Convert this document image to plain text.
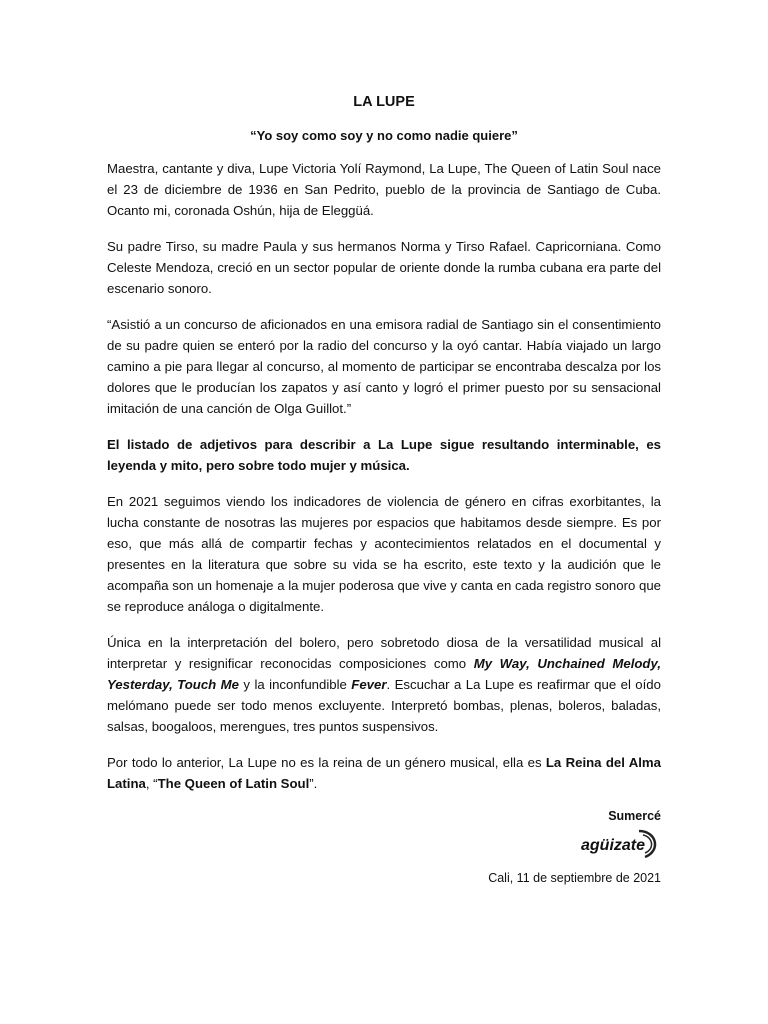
LA LUPE
“Yo soy como soy y no como nadie quiere”

Maestra, cantante y diva, Lupe Victoria Yolí Raymond, La Lupe, The Queen of Latin Soul nace el 23 de diciembre de 1936 en San Pedrito, pueblo de la provincia de Santiago de Cuba. Ocanto mi, coronada Oshún, hija de Eleggüá.

Su padre Tirso, su madre Paula y sus hermanos Norma y Tirso Rafael. Capricorniana. Como Celeste Mendoza, creció en un sector popular de oriente donde la rumba cubana era parte del escenario sonoro.

“Asistió a un concurso de aficionados en una emisora radial de Santiago sin el consentimiento de su padre quien se enteró por la radio del concurso y la oyó cantar. Había viajado un largo camino a pie para llegar al concurso, al momento de participar se encontraba descalza por los dolores que le producían los zapatos y así canto y logró el primer puesto por su sensacional imitación de una canción de Olga Guillot.”

El listado de adjetivos para describir a La Lupe sigue resultando interminable, es leyenda y mito, pero sobre todo mujer y música.

En 2021 seguimos viendo los indicadores de violencia de género en cifras exorbitantes, la lucha constante de nosotras las mujeres por espacios que habitamos desde siempre. Es por eso, que más allá de compartir fechas y acontecimientos relatados en el documental y presentes en la literatura que sobre su vida se ha escrito, este texto y la audición que le acompaña son un homenaje a la mujer poderosa que vive y canta en cada registro sonoro que se reproduce análoga o digitalmente.

Única en la interpretación del bolero, pero sobretodo diosa de la versatilidad musical al interpretar y resignificar reconocidas composiciones como My Way, Unchained Melody, Yesterday, Touch Me y la inconfundible Fever. Escuchar a La Lupe es reafirmar que el oído melómano puede ser todo menos excluyente. Interpretó bombas, plenas, boleros, baladas, salsas, boogaloos, merengues, tres puntos suspensivos.

Por todo lo anterior, La Lupe no es la reina de un género musical, ella es La Reina del Alma Latina, “The Queen of Latin Soul”.

Sumercé
agüizate
Cali, 11 de septiembre de 2021
